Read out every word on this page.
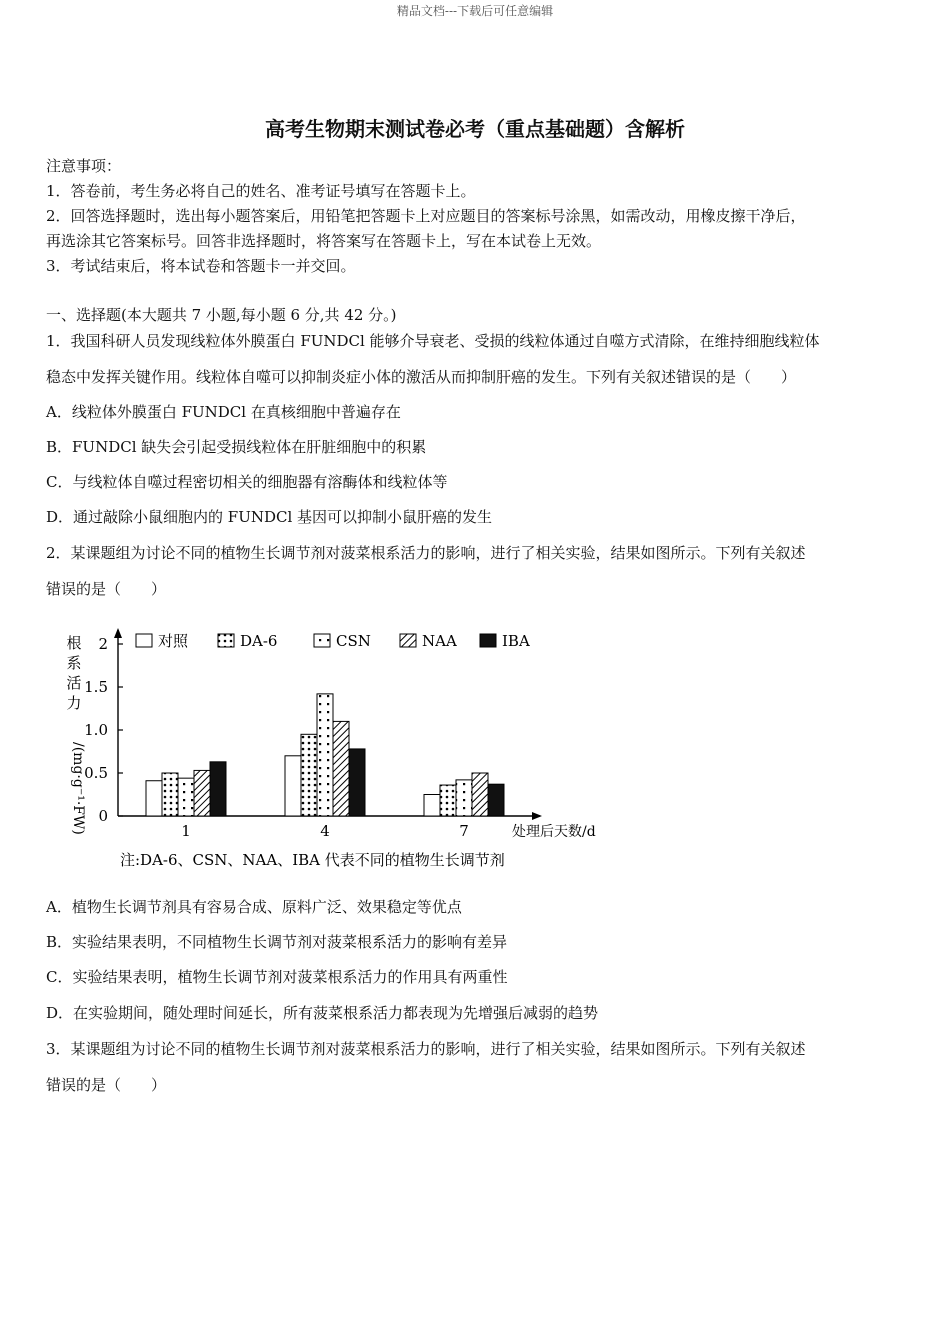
精品文档---下载后可任意编辑
高考生物期末测试卷必考（重点基础题）含解析
注意事项：
1．答卷前，考生务必将自己的姓名、准考证号填写在答题卡上。
2．回答选择题时，选出每小题答案后，用铅笔把答题卡上对应题目的答案标号涂黑，如需改动，用橡皮擦干净后，
再选涂其它答案标号。回答非选择题时，将答案写在答题卡上，写在本试卷上无效。
3．考试结束后，将本试卷和答题卡一并交回。
一、选择题(本大题共 7 小题,每小题 6 分,共 42 分。)
1．我国科研人员发现线粒体外膜蛋白 FUNDCl 能够介导衰老、受损的线粒体通过自噬方式清除，在维持细胞线粒体
稳态中发挥关键作用。线粒体自噬可以抑制炎症小体的激活从而抑制肝癌的发生。下列有关叙述错误的是（　　）
A．线粒体外膜蛋白 FUNDCl 在真核细胞中普遍存在
B．FUNDCl 缺失会引起受损线粒体在肝脏细胞中的积累
C．与线粒体自噬过程密切相关的细胞器有溶酶体和线粒体等
D．通过敲除小鼠细胞内的 FUNDCl 基因可以抑制小鼠肝癌的发生
2．某课题组为讨论不同的植物生长调节剂对菠菜根系活力的影响，进行了相关实验，结果如图所示。下列有关叙述
错误的是（　　）
根
系
活
力
/(mg·g⁻¹·FW) 0
0.5
1.0
1.5
2
1	4	7
对照	DA-6	CSN	NAA	IBA
处理后天数/d
注:DA-6、CSN、NAA、IBA 代表不同的植物生长调节剂
A．植物生长调节剂具有容易合成、原料广泛、效果稳定等优点
B．实验结果表明，不同植物生长调节剂对菠菜根系活力的影响有差异
C．实验结果表明，植物生长调节剂对菠菜根系活力的作用具有两重性
D．在实验期间，随处理时间延长，所有菠菜根系活力都表现为先增强后减弱的趋势
3．某课题组为讨论不同的植物生长调节剂对菠菜根系活力的影响，进行了相关实验，结果如图所示。下列有关叙述
错误的是（　　）
